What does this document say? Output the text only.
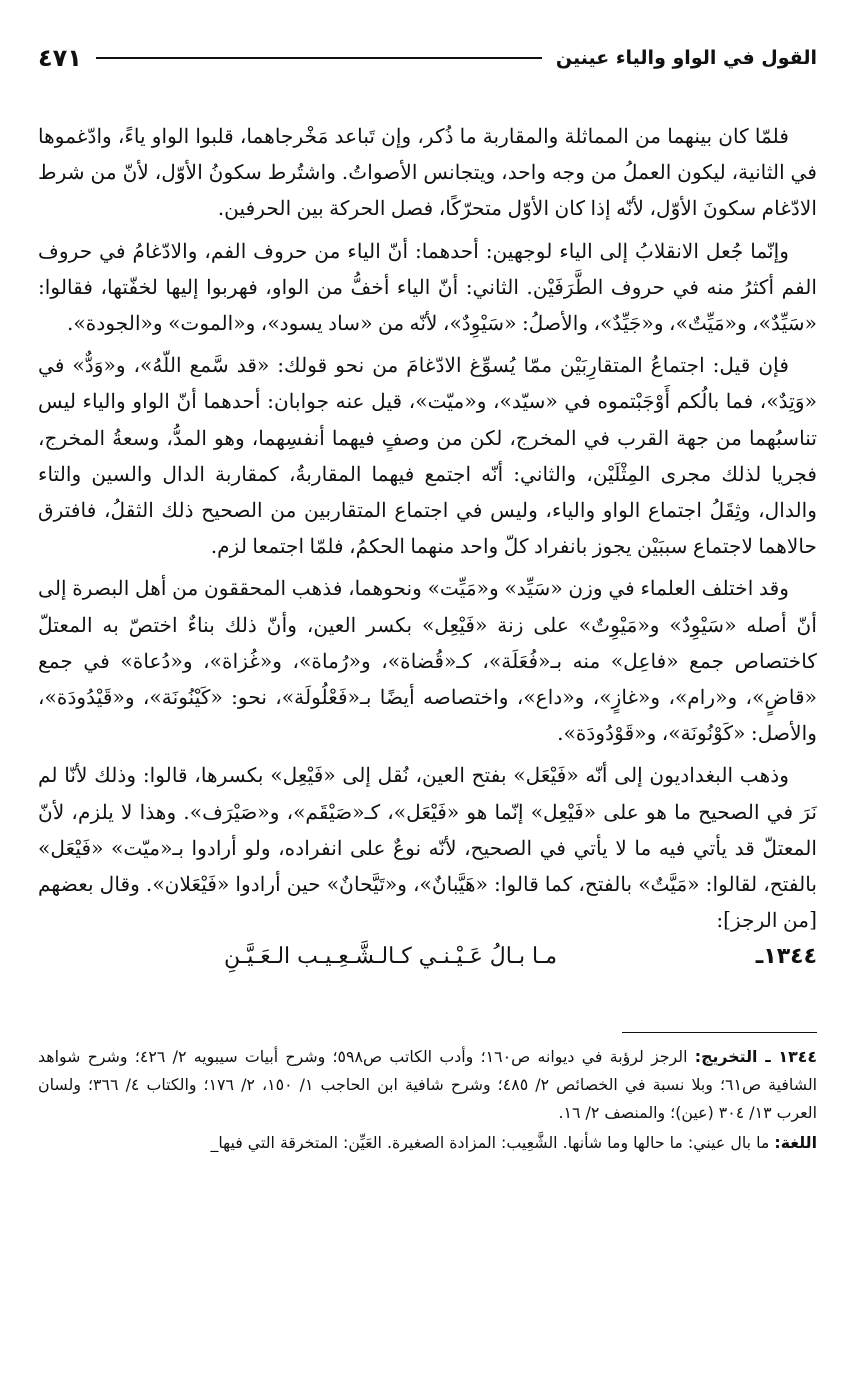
القول في الواو والياء عينين
٤٧١

فلمّا كان بينهما من المماثلة والمقاربة ما ذُكر، وإن تَباعد مَخْرجاهما، قلبوا الواو ياءً، وادّغموها في الثانية، ليكون العملُ من وجه واحد، ويتجانس الأصواتُ. واشتُرط سكونُ الأوّل، لأنّ من شرط الادّغام سكونَ الأوّل، لأنّه إذا كان الأوّل متحرّكًا، فصل الحركة بين الحرفين.

وإنّما جُعل الانقلابُ إلى الياء لوجهين: أحدهما: أنّ الياء من حروف الفم، والادّغامُ في حروف الفم أكثرُ منه في حروف الطَّرَفَيْن. الثاني: أنّ الياء أخفُّ من الواو، فهربوا إليها لخفّتها، فقالوا: «سَيِّدٌ»، و«مَيِّتٌ»، و«جَيِّدٌ»، والأصلُ: «سَيْوِدٌ»، لأنّه من «ساد يسود»، و«الموت» و«الجودة».

فإن قيل: اجتماعُ المتقارِبَيْن ممّا يُسوِّغ الادّغامَ من نحو قولك: «قد سَّمع اللّهُ»، و«وَدٌّ» في «وَتِدٌ»، فما بالُكم أَوْجَبْتموه في «سيّد»، و«ميّت»، قيل عنه جوابان: أحدهما أنّ الواو والياء ليس تناسبُهما من جهة القرب في المخرج، لكن من وصفٍ فيهما أنفسِهما، وهو المدُّ، وسعةُ المخرج، فجريا لذلك مجرى المِثْلَيْن، والثاني: أنّه اجتمع فيهما المقاربةُ، كمقاربة الدال والسين والتاء والدال، وثِقَلُ اجتماع الواو والياء، وليس في اجتماع المتقاربين من الصحيح ذلك الثقلُ، فافترق حالاهما لاجتماع سببَيْن يجوز بانفراد كلّ واحد منهما الحكمُ، فلمّا اجتمعا لزم.

وقد اختلف العلماء في وزن «سَيِّد» و«مَيِّت» ونحوهما، فذهب المحققون من أهل البصرة إلى أنّ أصله «سَيْوِدٌ» و«مَيْوِتٌ» على زنة «فَيْعِل» بكسر العين، وأنّ ذلك بناءٌ اختصّ به المعتلّ كاختصاص جمع «فاعِل» منه بـ«فُعَلَة»، كـ«قُضاة»، و«رُماة»، و«غُزاة»، و«دُعاة» في جمع «قاضٍ»، و«رام»، و«غازٍ»، و«داع»، واختصاصه أيضًا بـ«فَعْلُولَة»، نحو: «كَيْنُونَة»، و«قَيْدُودَة»، والأصل: «كَوْنُونَة»، و«قَوْدُودَة».

وذهب البغداديون إلى أنّه «فَيْعَل» بفتح العين، نُقل إلى «فَيْعِل» بكسرها، قالوا: وذلك لأنّا لم نَرَ في الصحيح ما هو على «فَيْعِل» إنّما هو «فَيْعَل»، كـ«صَيْقَم»، و«صَيْرَف». وهذا لا يلزم، لأنّ المعتلّ قد يأتي فيه ما لا يأتي في الصحيح، لأنّه نوعٌ على انفراده، ولو أرادوا بـ«ميّت» «فَيْعَل» بالفتح، لقالوا: «مَيَّتٌ» بالفتح، كما قالوا: «هَيَّبانٌ»، و«تَيَّحانٌ» حين أرادوا «فَيْعَلان». وقال بعضهم [من الرجز]:

١٣٤٤ـ
مـا بـالُ عَـيْـنـي كـالـشَّـعِـيـب الـعَـيَّـنِ

١٣٤٤ ـ التخريج: الرجز لرؤبة في ديوانه ص١٦٠؛ وأدب الكاتب ص٥٩٨؛ وشرح أبيات سيبويه ٢/ ٤٢٦؛ وشرح شواهد الشافية ص٦١؛ وبلا نسبة في الخصائص ٢/ ٤٨٥؛ وشرح شافية ابن الحاجب ١/ ١٥٠، ٢/ ١٧٦؛ والكتاب ٤/ ٣٦٦؛ ولسان العرب ١٣/ ٣٠٤ (عين)؛ والمنصف ٢/ ١٦.

اللغة: ما بال عيني: ما حالها وما شأنها. الشَّعِيب: المزادة الصغيرة. العَيِّن: المتخرقة التي فيها_
